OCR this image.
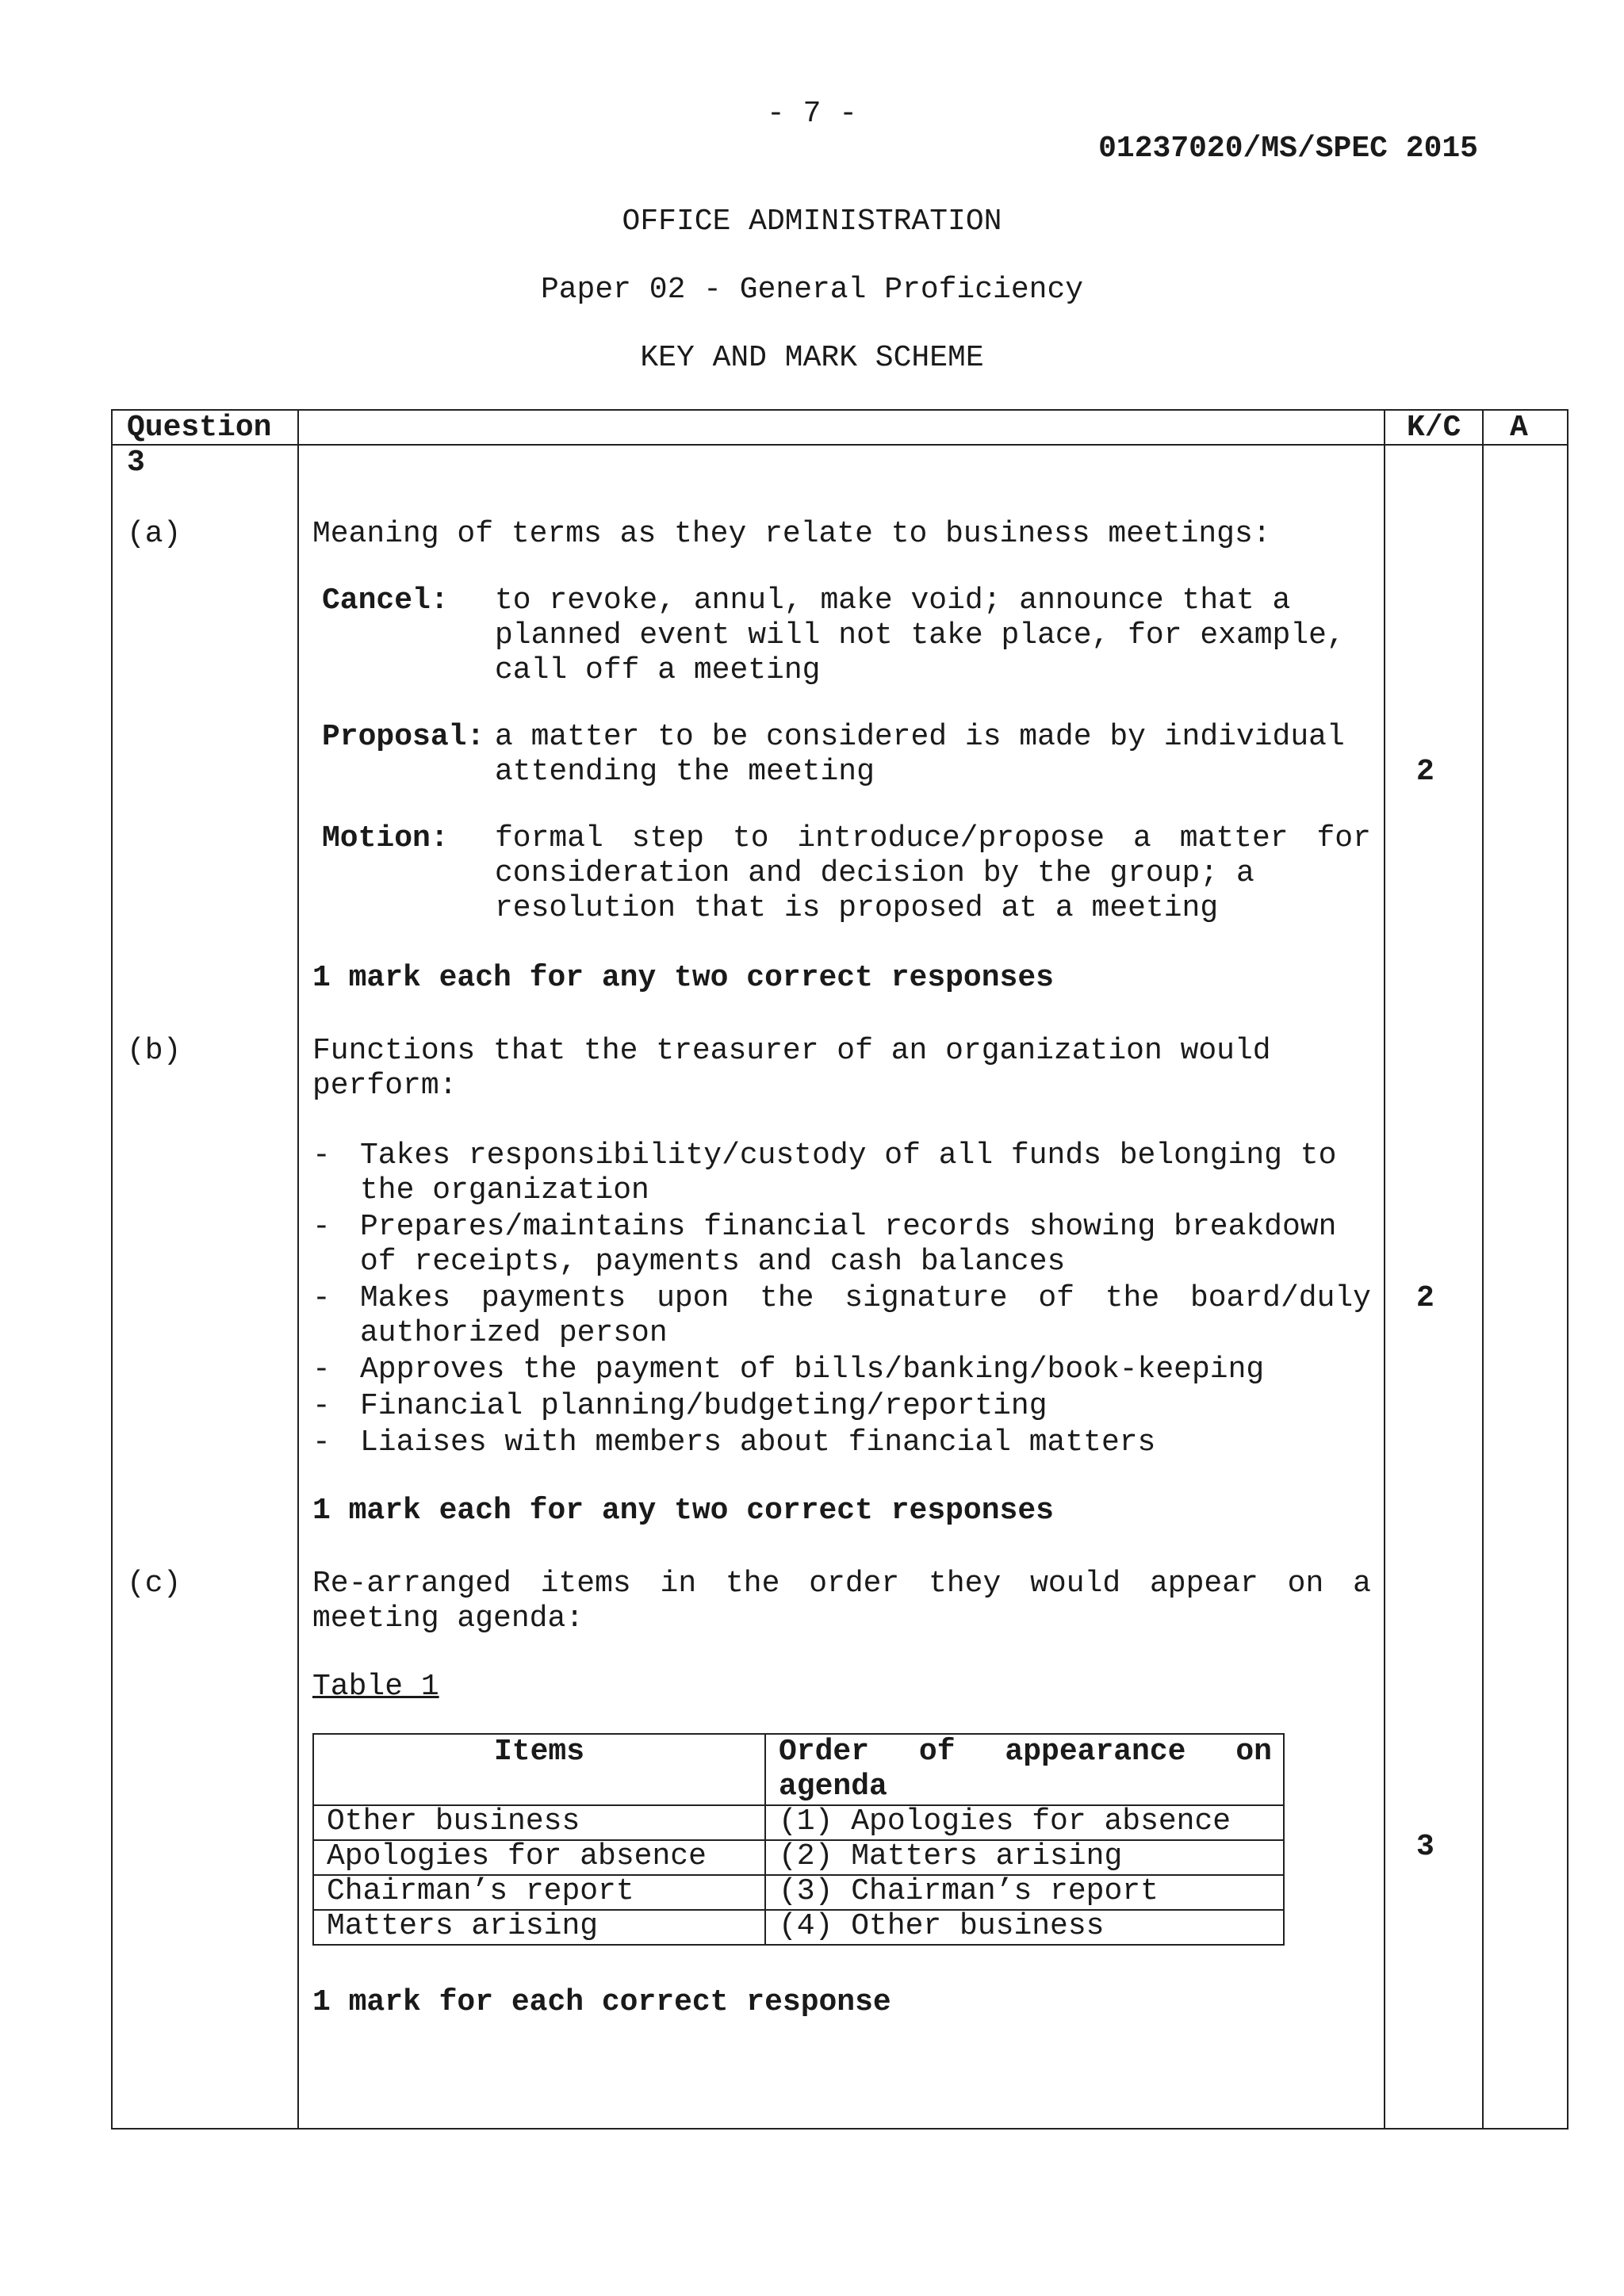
- 7 -
01237020/MS/SPEC 2015
OFFICE ADMINISTRATION
Paper 02 - General Proficiency
KEY AND MARK SCHEME
Question	K/C A
3
(a)	Meaning of terms as they relate to business meetings:
Cancel: to revoke, annul, make void; announce that a
planned event will not take place, for example,
call off a meeting
Proposal: a matter to be considered is made by individual
attending the meeting	2
Motion: formal step to introduce/propose a matter for
consideration and decision by the group; a
resolution that is proposed at a meeting
1 mark each for any two correct responses
(b)	Functions that the treasurer of an organization would
perform:
- Takes responsibility/custody of all funds belonging to
the organization
- Prepares/maintains financial records showing breakdown
of receipts, payments and cash balances
- Makes payments upon the signature of the board/duly
authorized person
- Approves the payment of bills/banking/book-keeping
- Financial planning/budgeting/reporting
- Liaises with members about financial matters
2
1 mark each for any two correct responses
(c)	Re-arranged items in the order they would appear on a
meeting agenda:
Table 1
Items	Order of appearance on
agenda
Other business	(1) Apologies for absence
Apologies for absence (2) Matters arising
Chairman’s report	(3) Chairman’s report
Matters arising	(4) Other business
3
1 mark for each correct response
